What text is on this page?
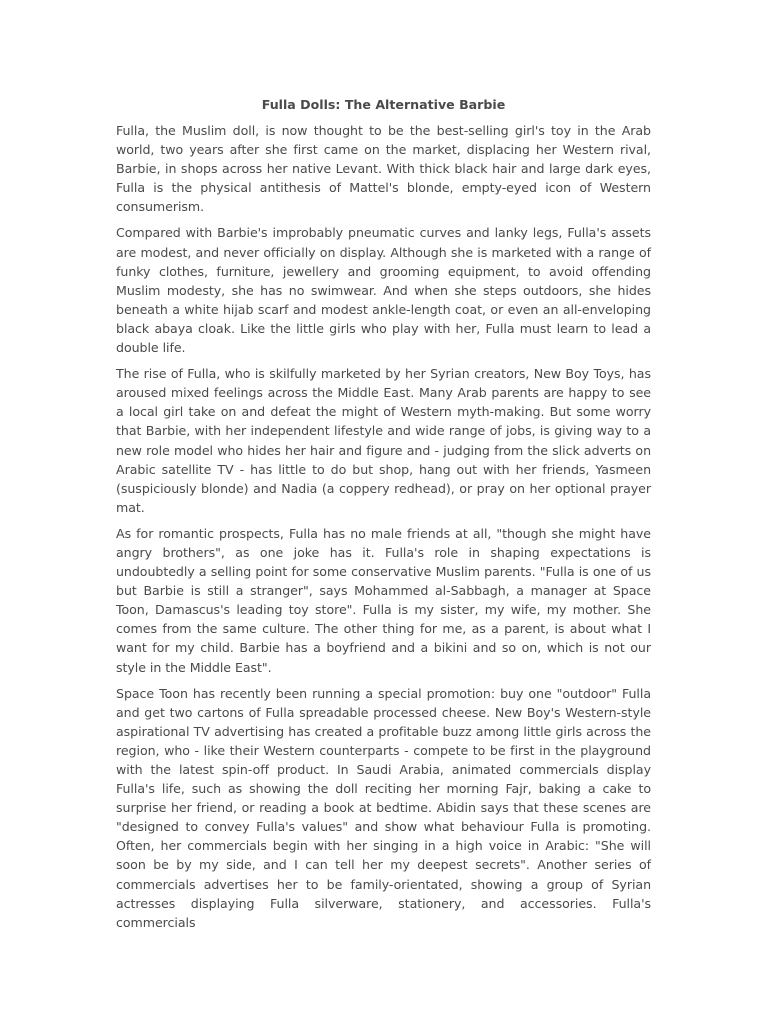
Fulla Dolls: The Alternative Barbie

Fulla, the Muslim doll, is now thought to be the best-selling girl's toy in the Arab world, two years after she first came on the market, displacing her Western rival, Barbie, in shops across her native Levant. With thick black hair and large dark eyes, Fulla is the physical antithesis of Mattel's blonde, empty-eyed icon of Western consumerism.

Compared with Barbie's improbably pneumatic curves and lanky legs, Fulla's assets are modest, and never officially on display. Although she is marketed with a range of funky clothes, furniture, jewellery and grooming equipment, to avoid offending Muslim modesty, she has no swimwear. And when she steps outdoors, she hides beneath a white hijab scarf and modest ankle-length coat, or even an all-enveloping black abaya cloak. Like the little girls who play with her, Fulla must learn to lead a double life.

The rise of Fulla, who is skilfully marketed by her Syrian creators, New Boy Toys, has aroused mixed feelings across the Middle East. Many Arab parents are happy to see a local girl take on and defeat the might of Western myth-making. But some worry that Barbie, with her independent lifestyle and wide range of jobs, is giving way to a new role model who hides her hair and figure and - judging from the slick adverts on Arabic satellite TV - has little to do but shop, hang out with her friends, Yasmeen (suspiciously blonde) and Nadia (a coppery redhead), or pray on her optional prayer mat.

As for romantic prospects, Fulla has no male friends at all, "though she might have angry brothers", as one joke has it. Fulla's role in shaping expectations is undoubtedly a selling point for some conservative Muslim parents. "Fulla is one of us but Barbie is still a stranger", says Mohammed al-Sabbagh, a manager at Space Toon, Damascus's leading toy store". Fulla is my sister, my wife, my mother. She comes from the same culture. The other thing for me, as a parent, is about what I want for my child. Barbie has a boyfriend and a bikini and so on, which is not our style in the Middle East".

Space Toon has recently been running a special promotion: buy one "outdoor" Fulla and get two cartons of Fulla spreadable processed cheese. New Boy's Western-style aspirational TV advertising has created a profitable buzz among little girls across the region, who - like their Western counterparts - compete to be first in the playground with the latest spin-off product. In Saudi Arabia, animated commercials display Fulla's life, such as showing the doll reciting her morning Fajr, baking a cake to surprise her friend, or reading a book at bedtime. Abidin says that these scenes are "designed to convey Fulla's values" and show what behaviour Fulla is promoting. Often, her commercials begin with her singing in a high voice in Arabic: "She will soon be by my side, and I can tell her my deepest secrets". Another series of commercials advertises her to be family-orientated, showing a group of Syrian actresses displaying Fulla silverware, stationery, and accessories. Fulla's commercials
